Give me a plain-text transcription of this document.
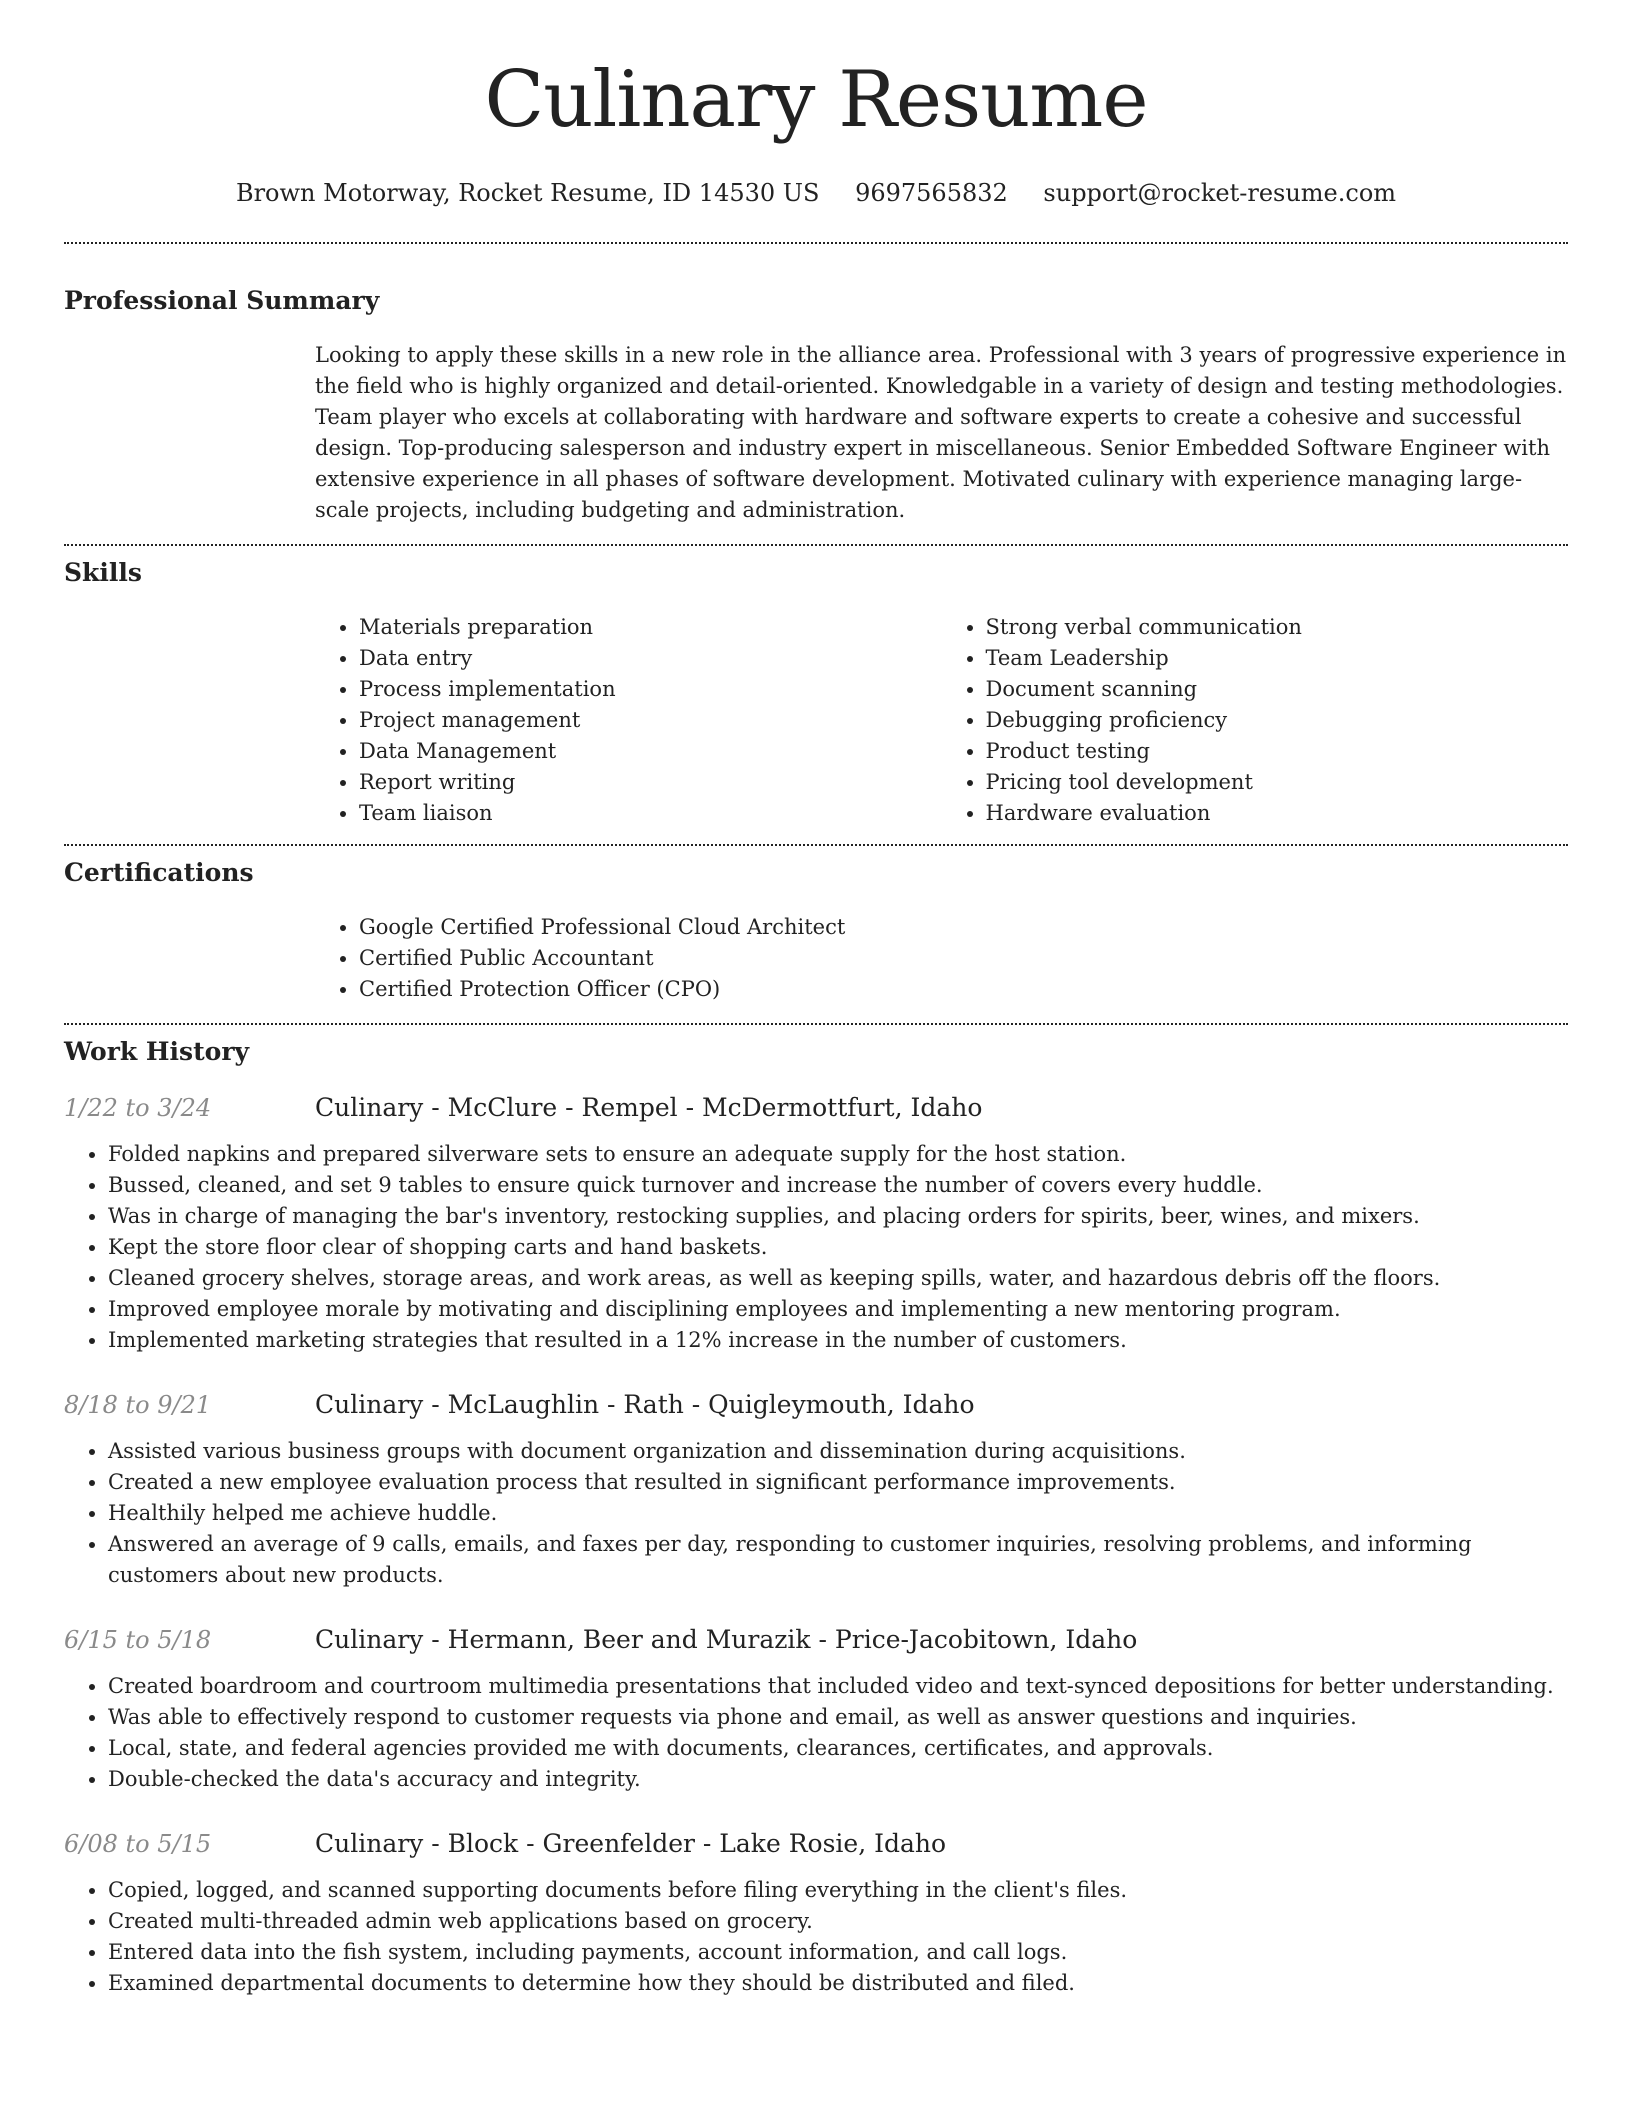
Culinary Resume
Brown Motorway, Rocket Resume, ID 14530 US 9697565832 support@rocket-resume.com
Professional Summary
Looking to apply these skills in a new role in the alliance area. Professional with 3 years of progressive experience in the field who is highly organized and detail-oriented. Knowledgable in a variety of design and testing methodologies. Team player who excels at collaborating with hardware and software experts to create a cohesive and successful design. Top-producing salesperson and industry expert in miscellaneous. Senior Embedded Software Engineer with extensive experience in all phases of software development. Motivated culinary with experience managing large-scale projects, including budgeting and administration.
Skills
• Materials preparation
• Data entry
• Process implementation
• Project management
• Data Management
• Report writing
• Team liaison
• Strong verbal communication
• Team Leadership
• Document scanning
• Debugging proficiency
• Product testing
• Pricing tool development
• Hardware evaluation
Certifications
• Google Certified Professional Cloud Architect
• Certified Public Accountant
• Certified Protection Officer (CPO)
Work History
1/22 to 3/24	Culinary - McClure - Rempel - McDermottfurt, Idaho
• Folded napkins and prepared silverware sets to ensure an adequate supply for the host station.
• Bussed, cleaned, and set 9 tables to ensure quick turnover and increase the number of covers every huddle.
• Was in charge of managing the bar's inventory, restocking supplies, and placing orders for spirits, beer, wines, and mixers.
• Kept the store floor clear of shopping carts and hand baskets.
• Cleaned grocery shelves, storage areas, and work areas, as well as keeping spills, water, and hazardous debris off the floors.
• Improved employee morale by motivating and disciplining employees and implementing a new mentoring program.
• Implemented marketing strategies that resulted in a 12% increase in the number of customers.
8/18 to 9/21	Culinary - McLaughlin - Rath - Quigleymouth, Idaho
• Assisted various business groups with document organization and dissemination during acquisitions.
• Created a new employee evaluation process that resulted in significant performance improvements.
• Healthily helped me achieve huddle.
• Answered an average of 9 calls, emails, and faxes per day, responding to customer inquiries, resolving problems, and informing customers about new products.
6/15 to 5/18	Culinary - Hermann, Beer and Murazik - Price-Jacobitown, Idaho
• Created boardroom and courtroom multimedia presentations that included video and text-synced depositions for better understanding.
• Was able to effectively respond to customer requests via phone and email, as well as answer questions and inquiries.
• Local, state, and federal agencies provided me with documents, clearances, certificates, and approvals.
• Double-checked the data's accuracy and integrity.
6/08 to 5/15	Culinary - Block - Greenfelder - Lake Rosie, Idaho
• Copied, logged, and scanned supporting documents before filing everything in the client's files.
• Created multi-threaded admin web applications based on grocery.
• Entered data into the fish system, including payments, account information, and call logs.
• Examined departmental documents to determine how they should be distributed and filed.
